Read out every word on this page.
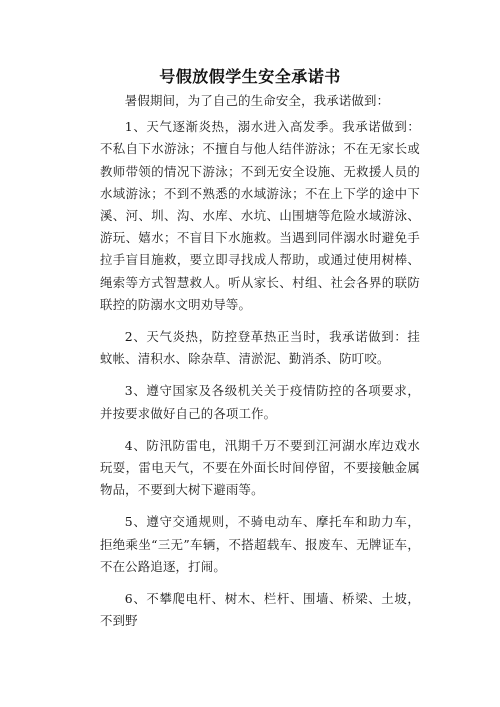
号假放假学生安全承诺书

暑假期间，为了自己的生命安全，我承诺做到：

1、天气逐渐炎热，溺水进入高发季。我承诺做到：不私自下水游泳；不擅自与他人结伴游泳；不在无家长或教师带领的情况下游泳；不到无安全设施、无救援人员的水域游泳；不到不熟悉的水域游泳；不在上下学的途中下溪、河、圳、沟、水库、水坑、山围塘等危险水域游泳、游玩、嬉水；不盲目下水施救。当遇到同伴溺水时避免手拉手盲目施救，要立即寻找成人帮助，或通过使用树棒、绳索等方式智慧救人。听从家长、村组、社会各界的联防联控的防溺水文明劝导等。

2、天气炎热，防控登革热正当时，我承诺做到：挂蚊帐、清积水、除杂草、清淤泥、勤消杀、防叮咬。

3、遵守国家及各级机关关于疫情防控的各项要求，并按要求做好自己的各项工作。

4、防汛防雷电，汛期千万不要到江河湖水库边戏水玩耍，雷电天气，不要在外面长时间停留，不要接触金属物品，不要到大树下避雨等。

5、遵守交通规则，不骑电动车、摩托车和助力车，拒绝乘坐“三无”车辆，不搭超载车、报废车、无牌证车，不在公路追逐，打闹。

6、不攀爬电杆、树木、栏杆、围墙、桥梁、土坡，不到野
